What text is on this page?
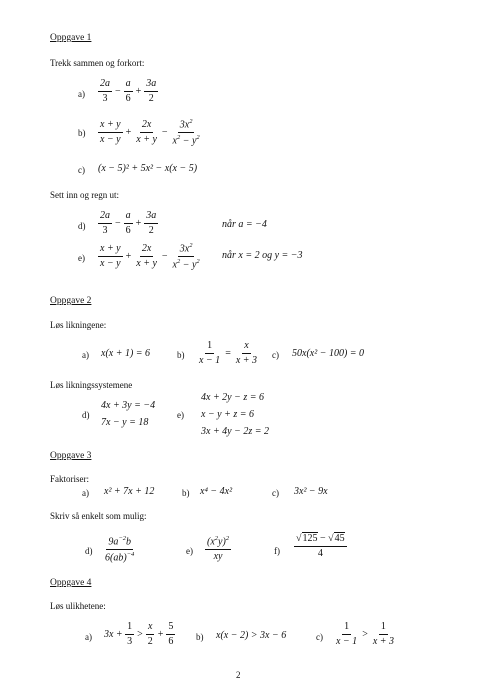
Oppgave 1
Trekk sammen og forkort:
$a) \frac{2a}{3} - \frac{a}{6} + \frac{3a}{2}$
$b) \frac{x + y}{x - y} + \frac{2x}{x + y} - \frac{3x^2}{x^2 - y^2}$
c) (x − 5)² + 5x² − x(x − 5)
Sett inn og regn ut:
$d) \frac{2a}{3} - \frac{a}{6} + \frac{3a}{2}$	når a = −4
$e) \frac{x + y}{x - y} + \frac{2x}{x + y} - \frac{3x^2}{x^2 - y^2}$ når x = 2 og y = −3
Oppgave 2
Løs likningene:
a) x(x + 1) = 6	$b) \frac{1}{x - 1} = \frac{x}{x + 3} c$) 50x(x² − 100) = 0
Løs likningssystemene
d)
4x + 3y = −4
7x − y = 18
e)
4x + 2y − z = 6
x − y + z = 6
3x + 4y − 2z = 2
Oppgave 3
Faktoriser:
a) x² + 7x + 12	b) x⁴ − 4x²	c) 3x² − 9x
Skriv så enkelt som mulig:
$d) \frac{9a^{-2}b}{6(ab)^{-4}}$	$e) \frac{(x^2y)^2}{xy}$	$f) \frac{√125 - √45}{4}$
Oppgave 4
Løs ulikhetene:
a) $3x + \frac{1}{3} > \frac{x}{2} + \frac{5}{6} b$) x(x − 2) > 3x − 6	$c) \frac{1}{x - 1} > \frac{1}{x + 3}$
2
